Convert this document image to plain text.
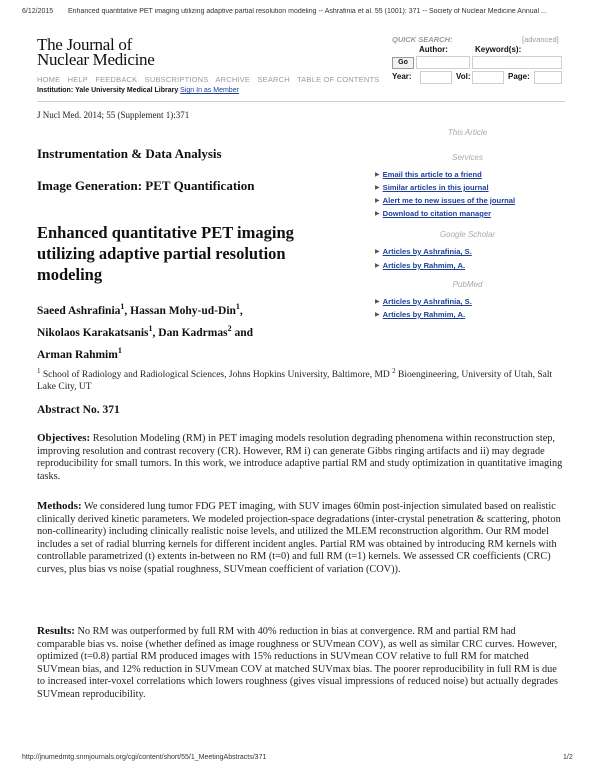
6/12/2015 Enhanced quantitative PET imaging utilizing adaptive partial resolution modeling -- Ashrafinia et al. 55 (1001): 371 -- Society of Nuclear Medicine Annual ...
The Journal of
Nuclear Medicine
HOME HELP FEEDBACK SUBSCRIPTIONS ARCHIVE SEARCH TABLE OF CONTENTS
Institution: Yale University Medical Library Sign In as Member
QUICK SEARCH:	[advanced]
Author:	Keyword(s):
Go
Year:	Vol:	Page:
J Nucl Med. 2014; 55 (Supplement 1):371
Instrumentation & Data Analysis
Image Generation: PET Quantification
Enhanced quantitative PET imaging utilizing adaptive partial resolution modeling
Saeed Ashrafinia$^1$, Hassan Mohy-ud-Din$^1$,
Nikolaos Karakatsanis$^1$, Dan Kadrmas$^2$ and
Arman Rahmim$^1$
$^1$ School of Radiology and Radiological Sciences, Johns Hopkins University, Baltimore, MD $^2$ Bioengineering, University of Utah, Salt Lake City, UT
Abstract No. 371
Objectives: Resolution Modeling (RM) in PET imaging models resolution degrading phenomena within reconstruction step, improving resolution and contrast recovery (CR). However, RM i) can generate Gibbs ringing artifacts and ii) may degrade reproducibility for small tumors. In this work, we introduce adaptive partial RM and study optimization in quantitative imaging tasks.
Methods: We considered lung tumor FDG PET imaging, with SUV images 60min post-injection simulated based on realistic clinically derived kinetic parameters. We modeled projection-space degradations (inter-crystal penetration & scattering, photon non-collinearity) including clinically realistic noise levels, and utilized the MLEM reconstruction algorithm. Our RM model includes a set of radial blurring kernels for different incident angles. Partial RM was obtained by introducing RM kernels with controllable parametrized (t) extents in-between no RM (t=0) and full RM (t=1) kernels. We assessed CR coefficients (CRC) curves, plus bias vs noise (spatial roughness, SUVmean coefficient of variation (COV)).
Results: No RM was outperformed by full RM with 40% reduction in bias at convergence. RM and partial RM had comparable bias vs. noise (whether defined as image roughness or SUVmean COV), as well as similar CRC curves. However, optimized (t=0.8) partial RM produced images with 15% reductions in SUVmean COV relative to full RM for matched SUVmean bias, and 12% reduction in SUVmean COV at matched SUVmax bias. The poorer reproducibility in full RM is due to increased inter-voxel correlations which lowers roughness (gives visual impressions of reduced noise) but actually degrades SUVmean reproducibility.
This Article
Services
▶ Email this article to a friend
▶ Similar articles in this journal
▶ Alert me to new issues of the journal
▶ Download to citation manager
Google Scholar
▶ Articles by Ashrafinia, S.
▶ Articles by Rahmim, A.
PubMed
▶ Articles by Ashrafinia, S.
▶ Articles by Rahmim, A.
http://jnumedmtg.snmjournals.org/cgi/content/short/55/1_MeetingAbstracts/371	1/2
